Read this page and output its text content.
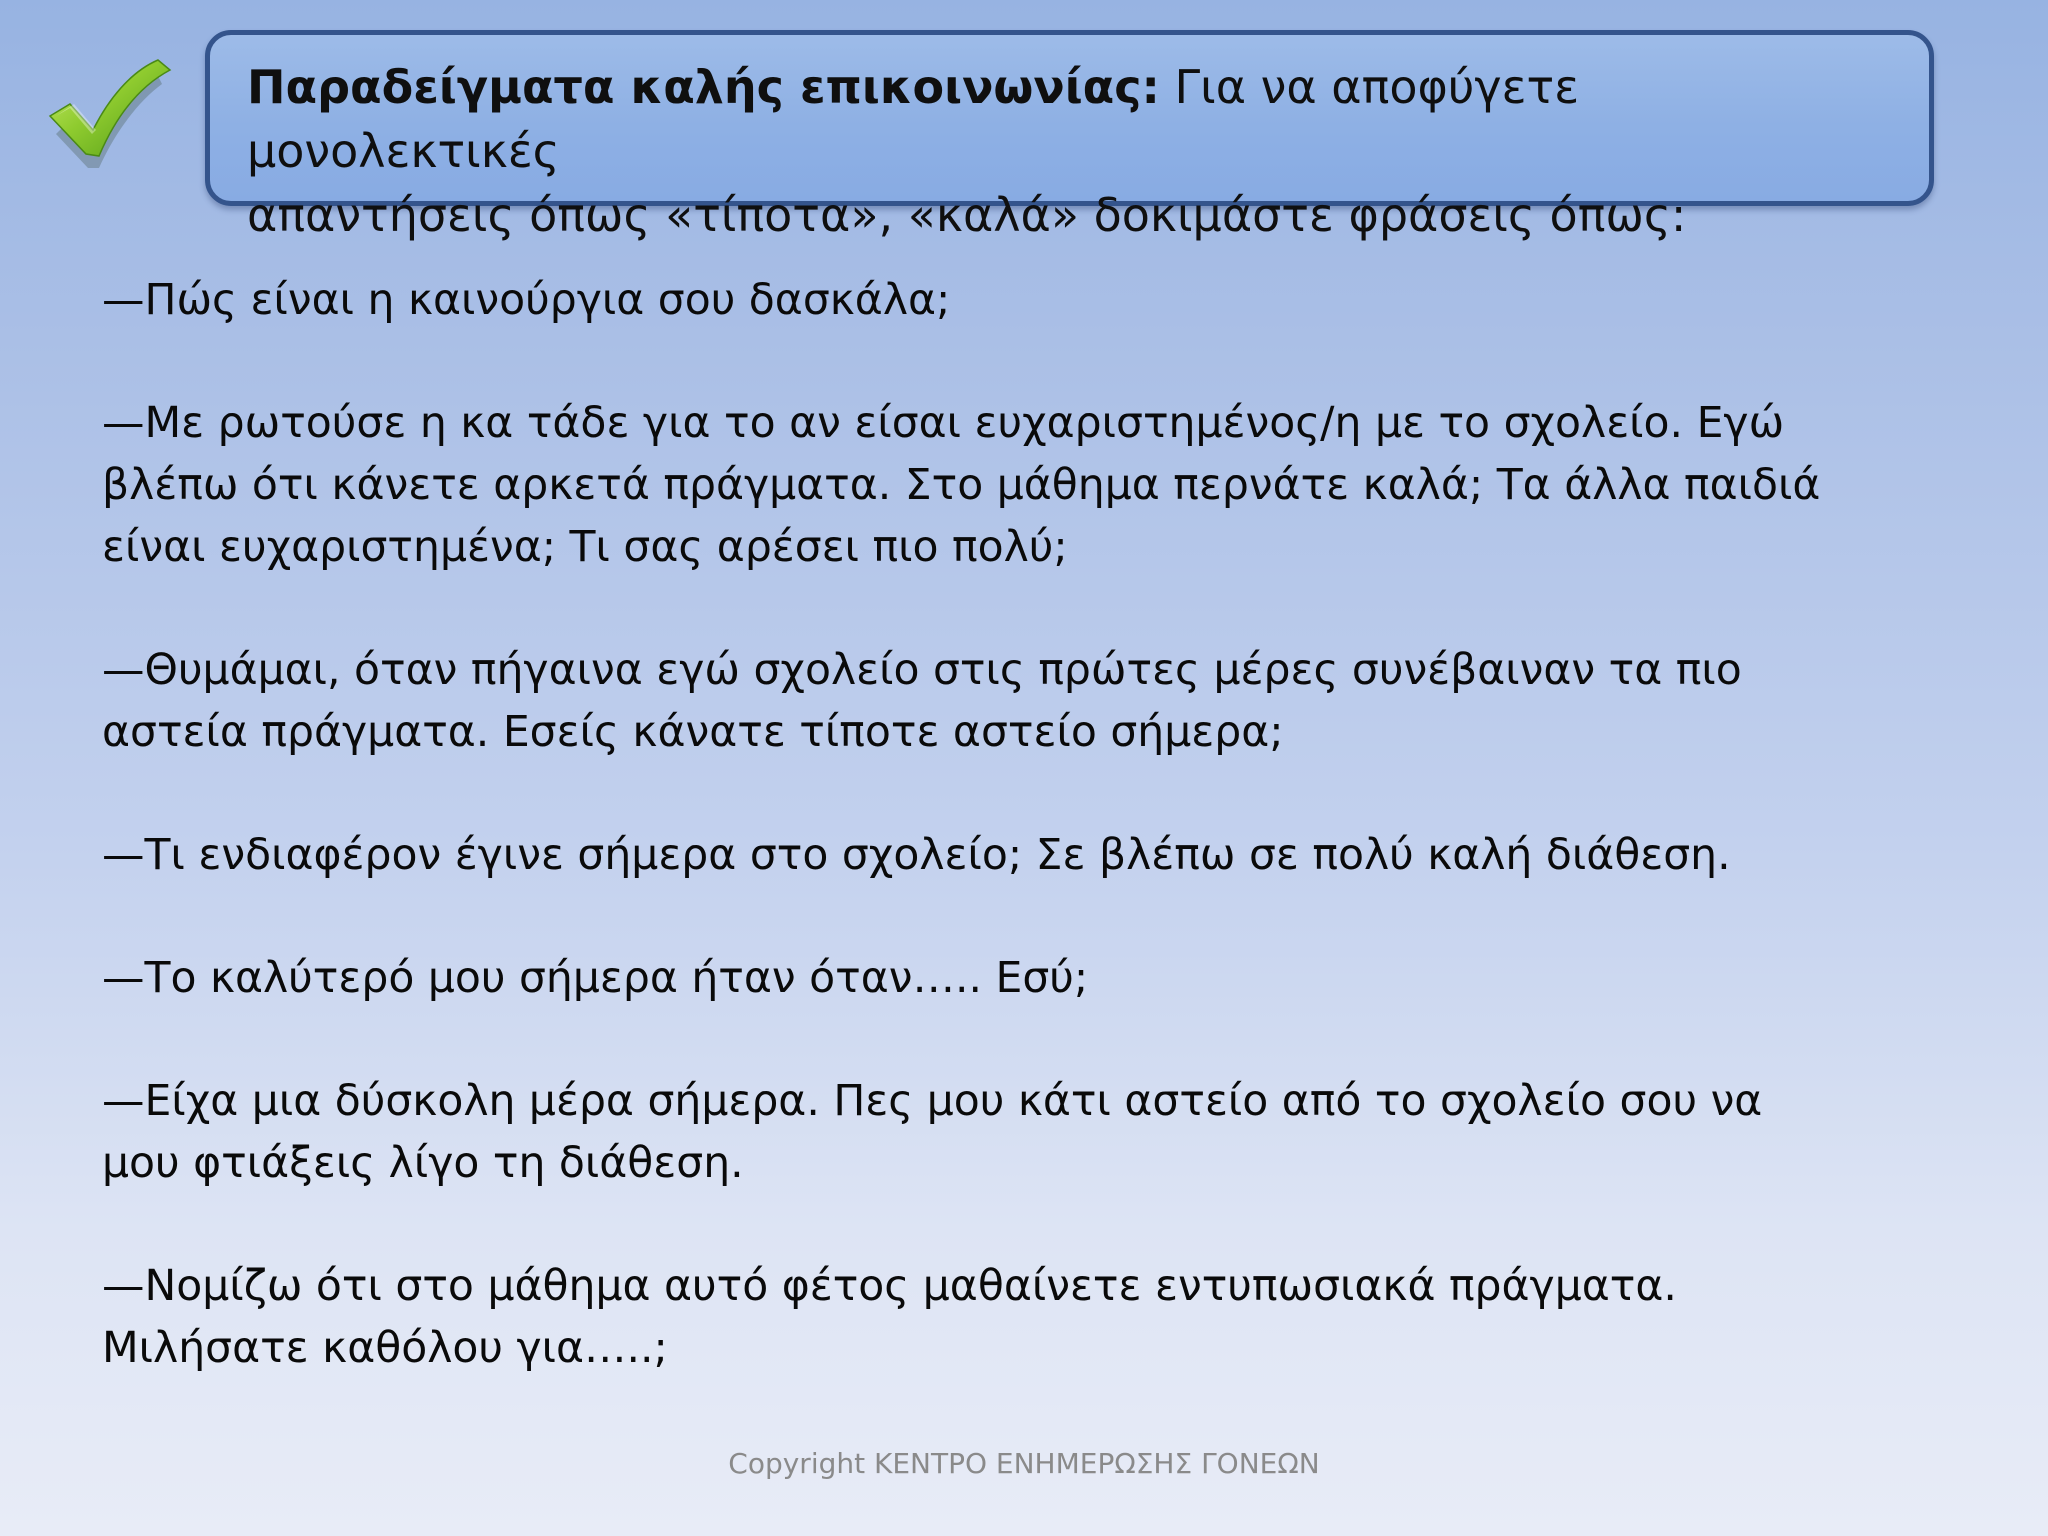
Παραδείγματα καλής επικοινωνίας: Για να αποφύγετε μονολεκτικές
απαντήσεις όπως «τίποτα», «καλά» δοκιμάστε φράσεις όπως:

—Πώς είναι η καινούργια σου δασκάλα;

—Με ρωτούσε η κα τάδε για το αν είσαι ευχαριστημένος/η με το σχολείο. Εγώ
βλέπω ότι κάνετε αρκετά πράγματα. Στο μάθημα περνάτε καλά; Τα άλλα παιδιά
είναι ευχαριστημένα; Τι σας αρέσει πιο πολύ;

—Θυμάμαι, όταν πήγαινα εγώ σχολείο στις πρώτες μέρες συνέβαιναν τα πιο
αστεία πράγματα. Εσείς κάνατε τίποτε αστείο σήμερα;

—Τι ενδιαφέρον έγινε σήμερα στο σχολείο; Σε βλέπω σε πολύ καλή διάθεση.

—Το καλύτερό μου σήμερα ήταν όταν….. Εσύ;

—Είχα μια δύσκολη μέρα σήμερα. Πες μου κάτι αστείο από το σχολείο σου να
μου φτιάξεις λίγο τη διάθεση.

—Νομίζω ότι στο μάθημα αυτό φέτος μαθαίνετε εντυπωσιακά πράγματα.
Μιλήσατε καθόλου για…..;

Copyright ΚΕΝΤΡΟ ΕΝΗΜΕΡΩΣΗΣ ΓΟΝΕΩΝ
